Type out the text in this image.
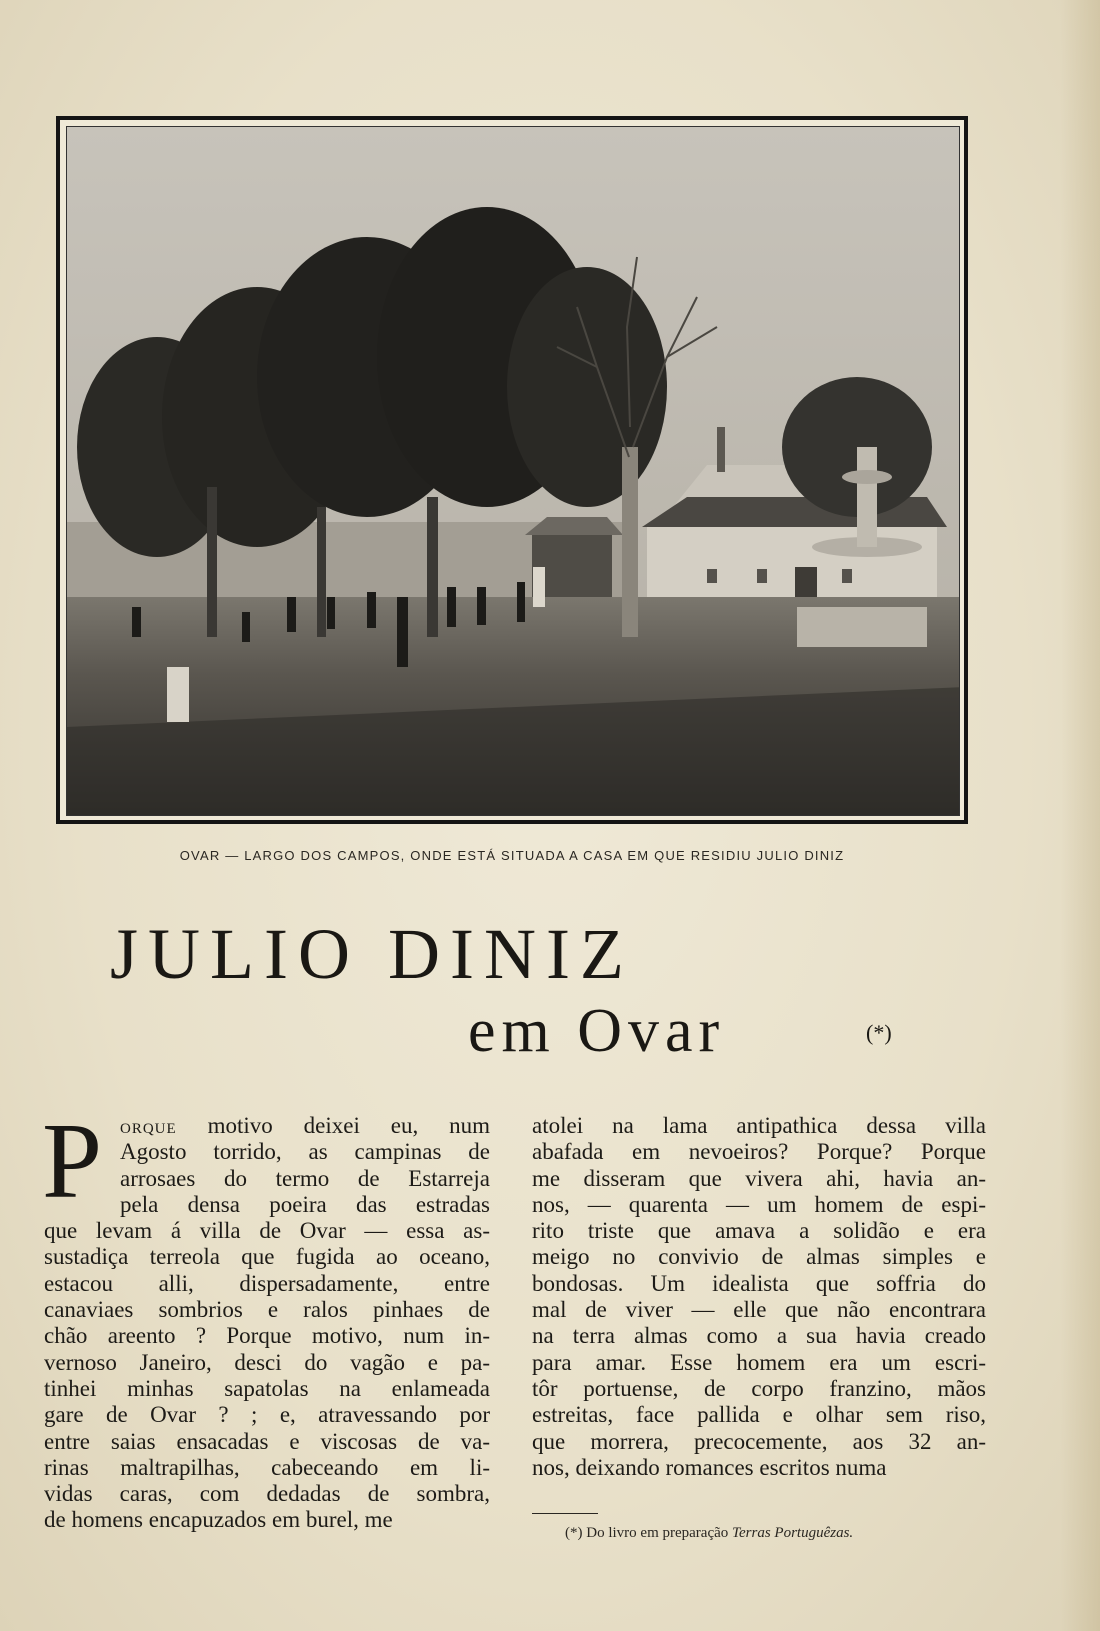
OVAR — LARGO DOS CAMPOS, ONDE ESTÁ SITUADA A CASA EM QUE RESIDIU JULIO DINIZ
JULIO DINIZ
em Ovar	(*)
P	ORQUE motivo deixei eu, num
Agosto torrido, as campinas de
arrosaes do termo de Estarreja
pela densa poeira das estradas
que levam á villa de Ovar — essa as-
sustadiça terreola que fugida ao oceano,
estacou alli, dispersadamente, entre
canaviaes sombrios e ralos pinhaes de
chão areento ? Porque motivo, num in-
vernoso Janeiro, desci do vagão e pa-
tinhei minhas sapatolas na enlameada
gare de Ovar ? ; e, atravessando por
entre saias ensacadas e viscosas de va-
rinas maltrapilhas, cabeceando em li-
vidas caras, com dedadas de sombra,
de homens encapuzados em burel, me
atolei na lama antipathica dessa villa
abafada em nevoeiros? Porque? Porque
me disseram que vivera ahi, havia an-
nos, — quarenta — um homem de espi-
rito triste que amava a solidão e era
meigo no convivio de almas simples e
bondosas. Um idealista que soffria do
mal de viver — elle que não encontrara
na terra almas como a sua havia creado
para amar. Esse homem era um escri-
tôr portuense, de corpo franzino, mãos
estreitas, face pallida e olhar sem riso,
que morrera, precocemente, aos 32 an-
nos, deixando romances escritos numa
(*) Do livro em preparação Terras Portuguêzas.
